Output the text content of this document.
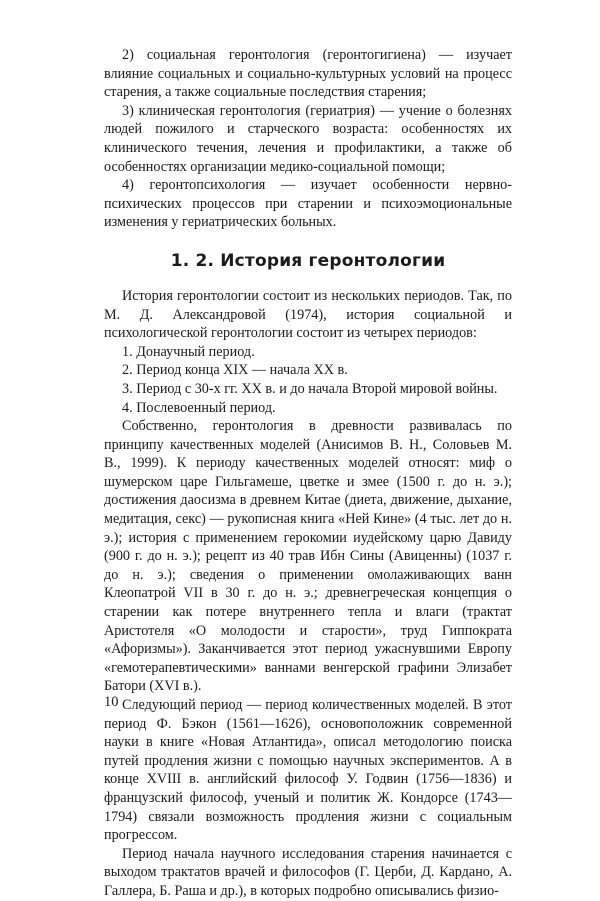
2) социальная геронтология (геронтогигиена) — изучает влияние социальных и социально-культурных условий на процесс старения, а также социальные последствия старения;

3) клиническая геронтология (гериатрия) — учение о болезнях людей пожилого и старческого возраста: особенностях их клинического течения, лечения и профилактики, а также об особенностях организации медико-социальной помощи;

4) геронтопсихология — изучает особенности нервно-психических процессов при старении и психоэмоциональные изменения у гериатрических больных.

1. 2. История геронтологии

История геронтологии состоит из нескольких периодов. Так, по М. Д. Александровой (1974), история социальной и психологической геронтологии состоит из четырех периодов:

1. Донаучный период.

2. Период конца XIX — начала XX в.

3. Период с 30-х гг. XX в. и до начала Второй мировой войны.

4. Послевоенный период.

Собственно, геронтология в древности развивалась по принципу качественных моделей (Анисимов В. Н., Соловьев М. В., 1999). К периоду качественных моделей относят: миф о шумерском царе Гильгамеше, цветке и змее (1500 г. до н. э.); достижения даосизма в древнем Китае (диета, движение, дыхание, медитация, секс) — рукописная книга «Ней Кине» (4 тыс. лет до н. э.); история с применением герокомии иудейскому царю Давиду (900 г. до н. э.); рецепт из 40 трав Ибн Сины (Авиценны) (1037 г. до н. э.); сведения о применении омолаживающих ванн Клеопатрой VII в 30 г. до н. э.; древнегреческая концепция о старении как потере внутреннего тепла и влаги (трактат Аристотеля «О молодости и старости», труд Гиппократа «Афоризмы»). Заканчивается этот период ужаснувшими Европу «гемотерапевтическими» ваннами венгерской графини Элизабет Батори (XVI в.).

Следующий период — период количественных моделей. В этот период Ф. Бэкон (1561—1626), основоположник современной науки в книге «Новая Атлантида», описал методологию поиска путей продления жизни с помощью научных экспериментов. А в конце XVIII в. английский философ У. Годвин (1756—1836) и французский философ, ученый и политик Ж. Кондорсе (1743—1794) связали возможность продления жизни с социальным прогрессом.

Период начала научного исследования старения начинается с выходом трактатов врачей и философов (Г. Церби, Д. Кардано, А. Галлера, Б. Раша и др.), в которых подробно описывались физио-

10
